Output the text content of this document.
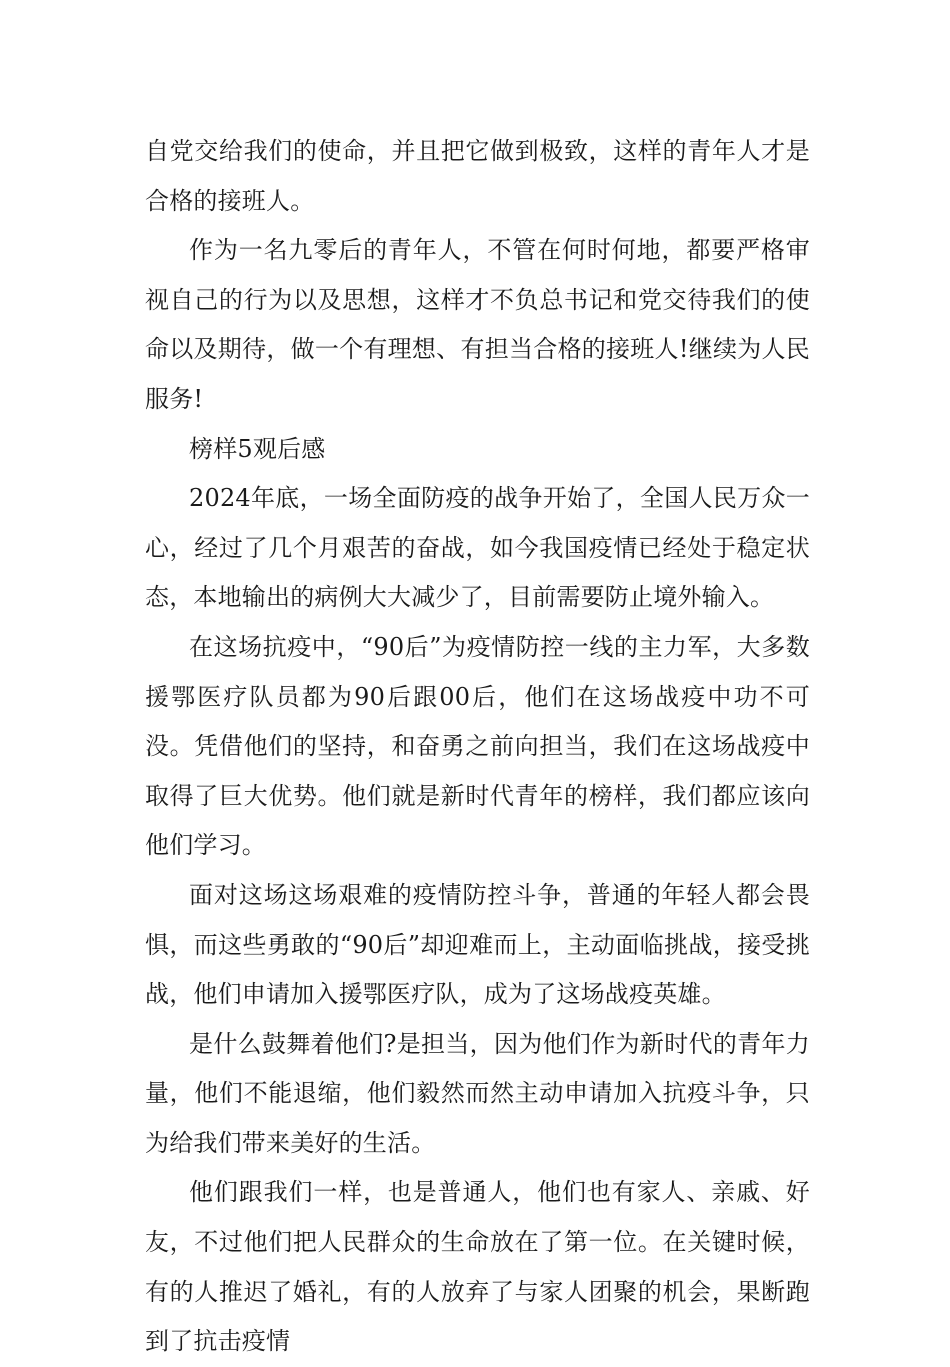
自党交给我们的使命，并且把它做到极致，这样的青年人才是合格的接班人。

作为一名九零后的青年人，不管在何时何地，都要严格审视自己的行为以及思想，这样才不负总书记和党交待我们的使命以及期待，做一个有理想、有担当合格的接班人!继续为人民服务!

榜样5观后感

2024年底，一场全面防疫的战争开始了，全国人民万众一心，经过了几个月艰苦的奋战，如今我国疫情已经处于稳定状态，本地输出的病例大大减少了，目前需要防止境外输入。

在这场抗疫中，“90后”为疫情防控一线的主力军，大多数援鄂医疗队员都为90后跟00后，他们在这场战疫中功不可没。凭借他们的坚持，和奋勇之前向担当，我们在这场战疫中取得了巨大优势。他们就是新时代青年的榜样，我们都应该向他们学习。

面对这场这场艰难的疫情防控斗争，普通的年轻人都会畏惧，而这些勇敢的“90后”却迎难而上，主动面临挑战，接受挑战，他们申请加入援鄂医疗队，成为了这场战疫英雄。

是什么鼓舞着他们?是担当，因为他们作为新时代的青年力量，他们不能退缩，他们毅然而然主动申请加入抗疫斗争，只为给我们带来美好的生活。

他们跟我们一样，也是普通人，他们也有家人、亲戚、好友，不过他们把人民群众的生命放在了第一位。在关键时候，有的人推迟了婚礼，有的人放弃了与家人团聚的机会，果断跑到了抗击疫情
